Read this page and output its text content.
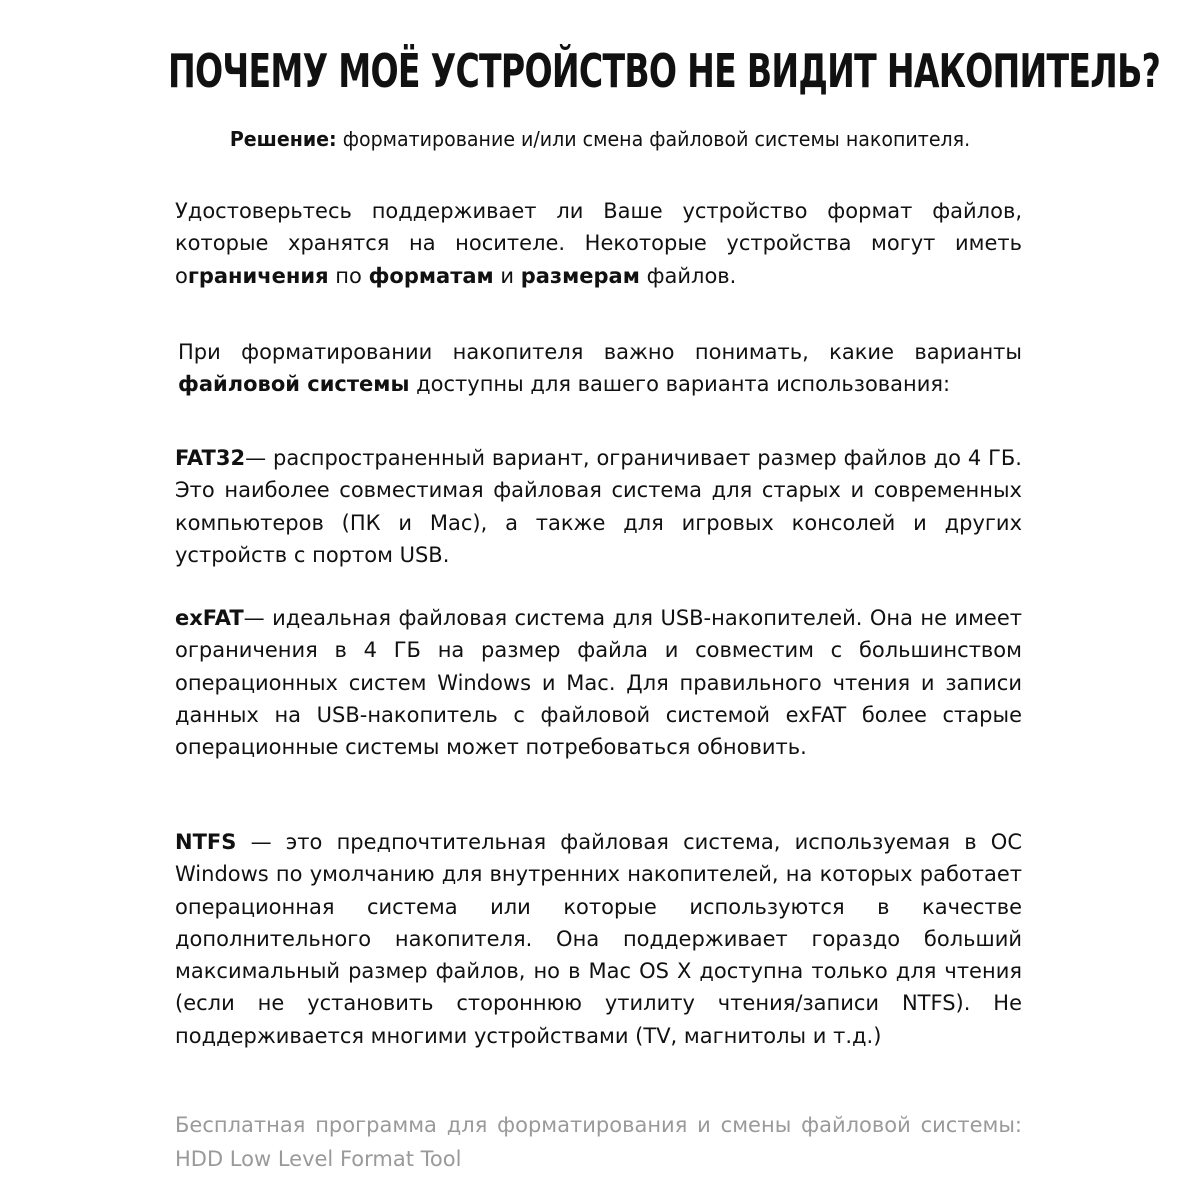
ПОЧЕМУ МОЁ УСТРОЙСТВО НЕ ВИДИТ НАКОПИТЕЛЬ?
Решение: форматирование и/или смена файловой системы накопителя.
Удостоверьтесь поддерживает ли Ваше устройство формат файлов, которые хранятся на носителе. Некоторые устройства могут иметь ограничения по форматам и размерам файлов.
При форматировании накопителя важно понимать, какие варианты файловой системы доступны для вашего варианта использования:
FAT32— распространенный вариант, ограничивает размер файлов до 4 ГБ. Это наиболее совместимая файловая система для старых и современных компьютеров (ПК и Mac), а также для игровых консолей и других устройств с портом USB.
exFAT— идеальная файловая система для USB-накопителей. Она не имеет ограничения в 4 ГБ на размер файла и совместим с большинством операционных систем Windows и Mac. Для правильного чтения и записи данных на USB-накопитель с файловой системой exFAT более старые операционные системы может потребоваться обновить.
NTFS — это предпочтительная файловая система, используемая в ОС Windows по умолчанию для внутренних накопителей, на которых работает операционная система или которые используются в качестве дополнительного накопителя. Она поддерживает гораздо больший максимальный размер файлов, но в Mac OS X доступна только для чтения (если не установить стороннюю утилиту чтения/записи NTFS). Не поддерживается многими устройствами (TV, магнитолы и т.д.)
Бесплатная программа для форматирования и смены файловой системы: HDD Low Level Format Tool
